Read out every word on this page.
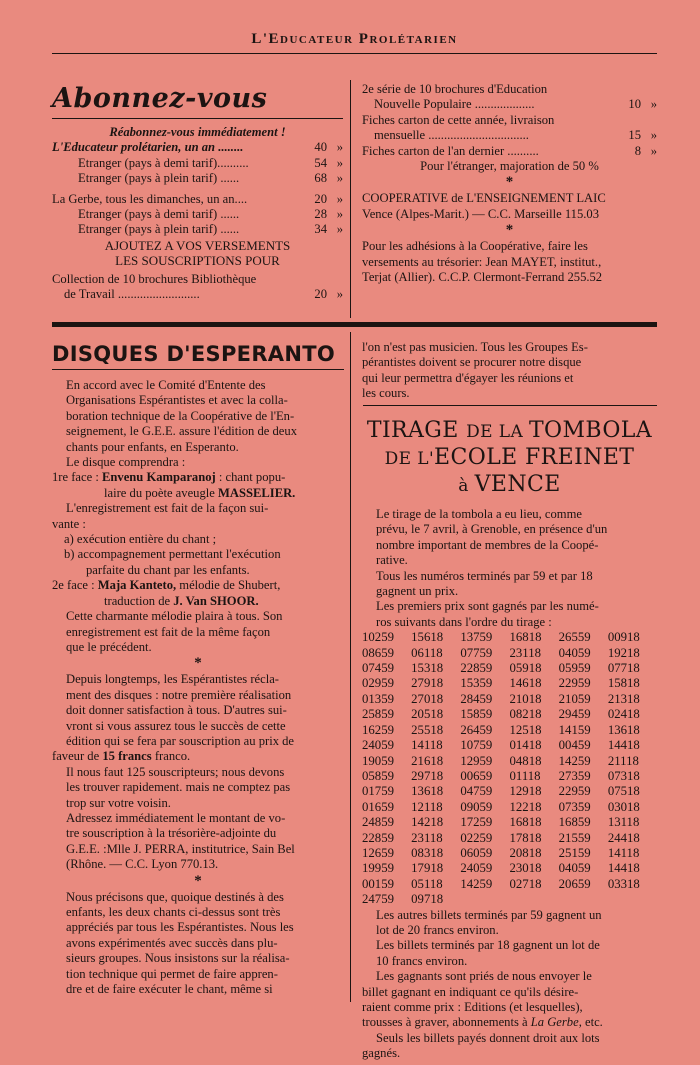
L'Educateur Prolétarien
Abonnez-vous
Réabonnez-vous immédiatement !
L'Educateur prolétarien, un an ........	40 »
Etranger (pays à demi tarif)..........	54 »
Etranger (pays à plein tarif) ......	68 »
La Gerbe, tous les dimanches, un an....	20 »
Etranger (pays à demi tarif) ......	28 »
Etranger (pays à plein tarif) ......	34 »
AJOUTEZ A VOS VERSEMENTS
LES SOUSCRIPTIONS POUR
Collection de 10 brochures Bibliothèque
de Travail ..........................	20 »
2e série de 10 brochures d'Education
Nouvelle Populaire ...................	10 »
Fiches carton de cette année, livraison
mensuelle ................................	15 »
Fiches carton de l'an dernier ..........	8 »
Pour l'étranger, majoration de 50 %
*
COOPERATIVE de L'ENSEIGNEMENT LAIC
Vence (Alpes-Marit.) — C.C. Marseille 115.03
*
Pour les adhésions à la Coopérative, faire les
versements au trésorier: Jean MAYET, institut.,
Terjat (Allier). C.C.P. Clermont-Ferrand 255.52
DISQUES D'ESPERANTO
En accord avec le Comité d'Entente des
Organisations Espérantistes et avec la colla-
boration technique de la Coopérative de l'En-
seignement, le G.E.E. assure l'édition de deux
chants pour enfants, en Esperanto.
Le disque comprendra :
1re face : Envenu Kamparanoj : chant popu-
laire du poète aveugle MASSELIER.
L'enregistrement est fait de la façon sui-
vante :
a) exécution entière du chant ;
b) accompagnement permettant l'exécution
parfaite du chant par les enfants.
2e face : Maja Kanteto, mélodie de Shubert,
traduction de J. Van SHOOR.
Cette charmante mélodie plaira à tous. Son
enregistrement est fait de la même façon
que le précédent.
*
Depuis longtemps, les Espérantistes récla-
ment des disques : notre première réalisation
doit donner satisfaction à tous. D'autres sui-
vront si vous assurez tous le succès de cette
édition qui se fera par souscription au prix de
faveur de 15 francs franco.
Il nous faut 125 souscripteurs; nous devons
les trouver rapidement. mais ne comptez pas
trop sur votre voisin.
Adressez immédiatement le montant de vo-
tre souscription à la trésorière-adjointe du
G.E.E. :Mlle J. PERRA, institutrice, Sain Bel
(Rhône. — C.C. Lyon 770.13.
*
Nous précisons que, quoique destinés à des
enfants, les deux chants ci-dessus sont très
appréciés par tous les Espérantistes. Nous les
avons expérimentés avec succès dans plu-
sieurs groupes. Nous insistons sur la réalisa-
tion technique qui permet de faire appren-
dre et de faire exécuter le chant, même si
l'on n'est pas musicien. Tous les Groupes Es-
pérantistes doivent se procurer notre disque
qui leur permettra d'égayer les réunions et
les cours.
TIRAGE DE LA TOMBOLA
DE L'ECOLE FREINET
à VENCE
Le tirage de la tombola a eu lieu, comme
prévu, le 7 avril, à Grenoble, en présence d'un
nombre important de membres de la Coopé-
rative.
Tous les numéros terminés par 59 et par 18
gagnent un prix.
Les premiers prix sont gagnés par les numé-
ros suivants dans l'ordre du tirage :
10259	15618	13759	16818	26559	00918
08659	06118	07759	23118	04059	19218
07459	15318	22859	05918	05959	07718
02959	27918	15359	14618	22959	15818
01359	27018	28459	21018	21059	21318
25859	20518	15859	08218	29459	02418
16259	25518	26459	12518	14159	13618
24059	14118	10759	01418	00459	14418
19059	21618	12959	04818	14259	21118
05859	29718	00659	01118	27359	07318
01759	13618	04759	12918	22959	07518
01659	12118	09059	12218	07359	03018
24859	14218	17259	16818	16859	13118
22859	23118	02259	17818	21559	24418
12659	08318	06059	20818	25159	14118
19959	17918	24059	23018	04059	14418
00159	05118	14259	02718	20659	03318
24759	09718
Les autres billets terminés par 59 gagnent un
lot de 20 francs environ.
Les billets terminés par 18 gagnent un lot de
10 francs environ.
Les gagnants sont priés de nous envoyer le
billet gagnant en indiquant ce qu'ils désire-
raient comme prix : Editions (et lesquelles),
trousses à graver, abonnements à La Gerbe, etc.
Seuls les billets payés donnent droit aux lots
gagnés.
